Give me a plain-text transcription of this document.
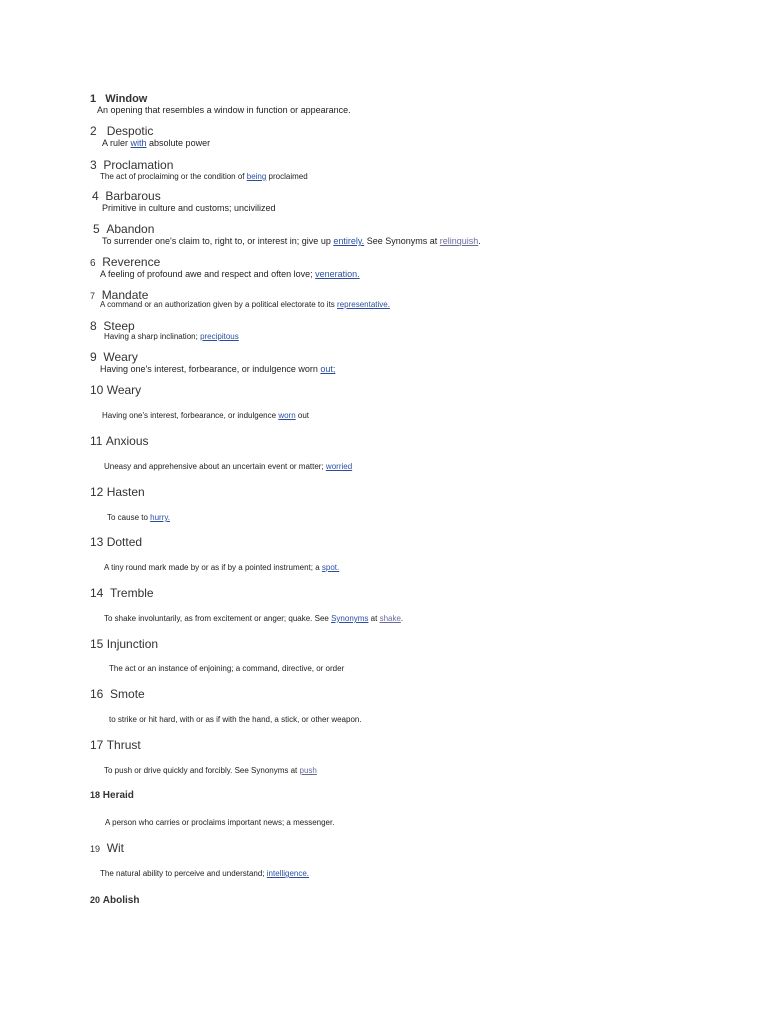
1 Window
An opening that resembles a window in function or appearance.
2 Despotic
A ruler with absolute power
3 Proclamation
The act of proclaiming or the condition of being proclaimed
4 Barbarous
Primitive in culture and customs; uncivilized
5 Abandon
To surrender one's claim to, right to, or interest in; give up entirely. See Synonyms at relinquish.
6 Reverence
A feeling of profound awe and respect and often love; veneration.
7 Mandate
A command or an authorization given by a political electorate to its representative.
8 Steep
Having a sharp inclination; precipitous
9 Weary
Having one's interest, forbearance, or indulgence worn out;
10 Weary
Having one's interest, forbearance, or indulgence worn out
11 Anxious
Uneasy and apprehensive about an uncertain event or matter; worried
12 Hasten
To cause to hurry.
13 Dotted
A tiny round mark made by or as if by a pointed instrument; a spot.
14 Tremble
To shake involuntarily, as from excitement or anger; quake. See Synonyms at shake.
15 Injunction
The act or an instance of enjoining; a command, directive, or order
16 Smote
to strike or hit hard, with or as if with the hand, a stick, or other weapon.
17 Thrust
To push or drive quickly and forcibly. See Synonyms at push
18 Heraid
A person who carries or proclaims important news; a messenger.
19 Wit
The natural ability to perceive and understand; intelligence.
20 Abolish
